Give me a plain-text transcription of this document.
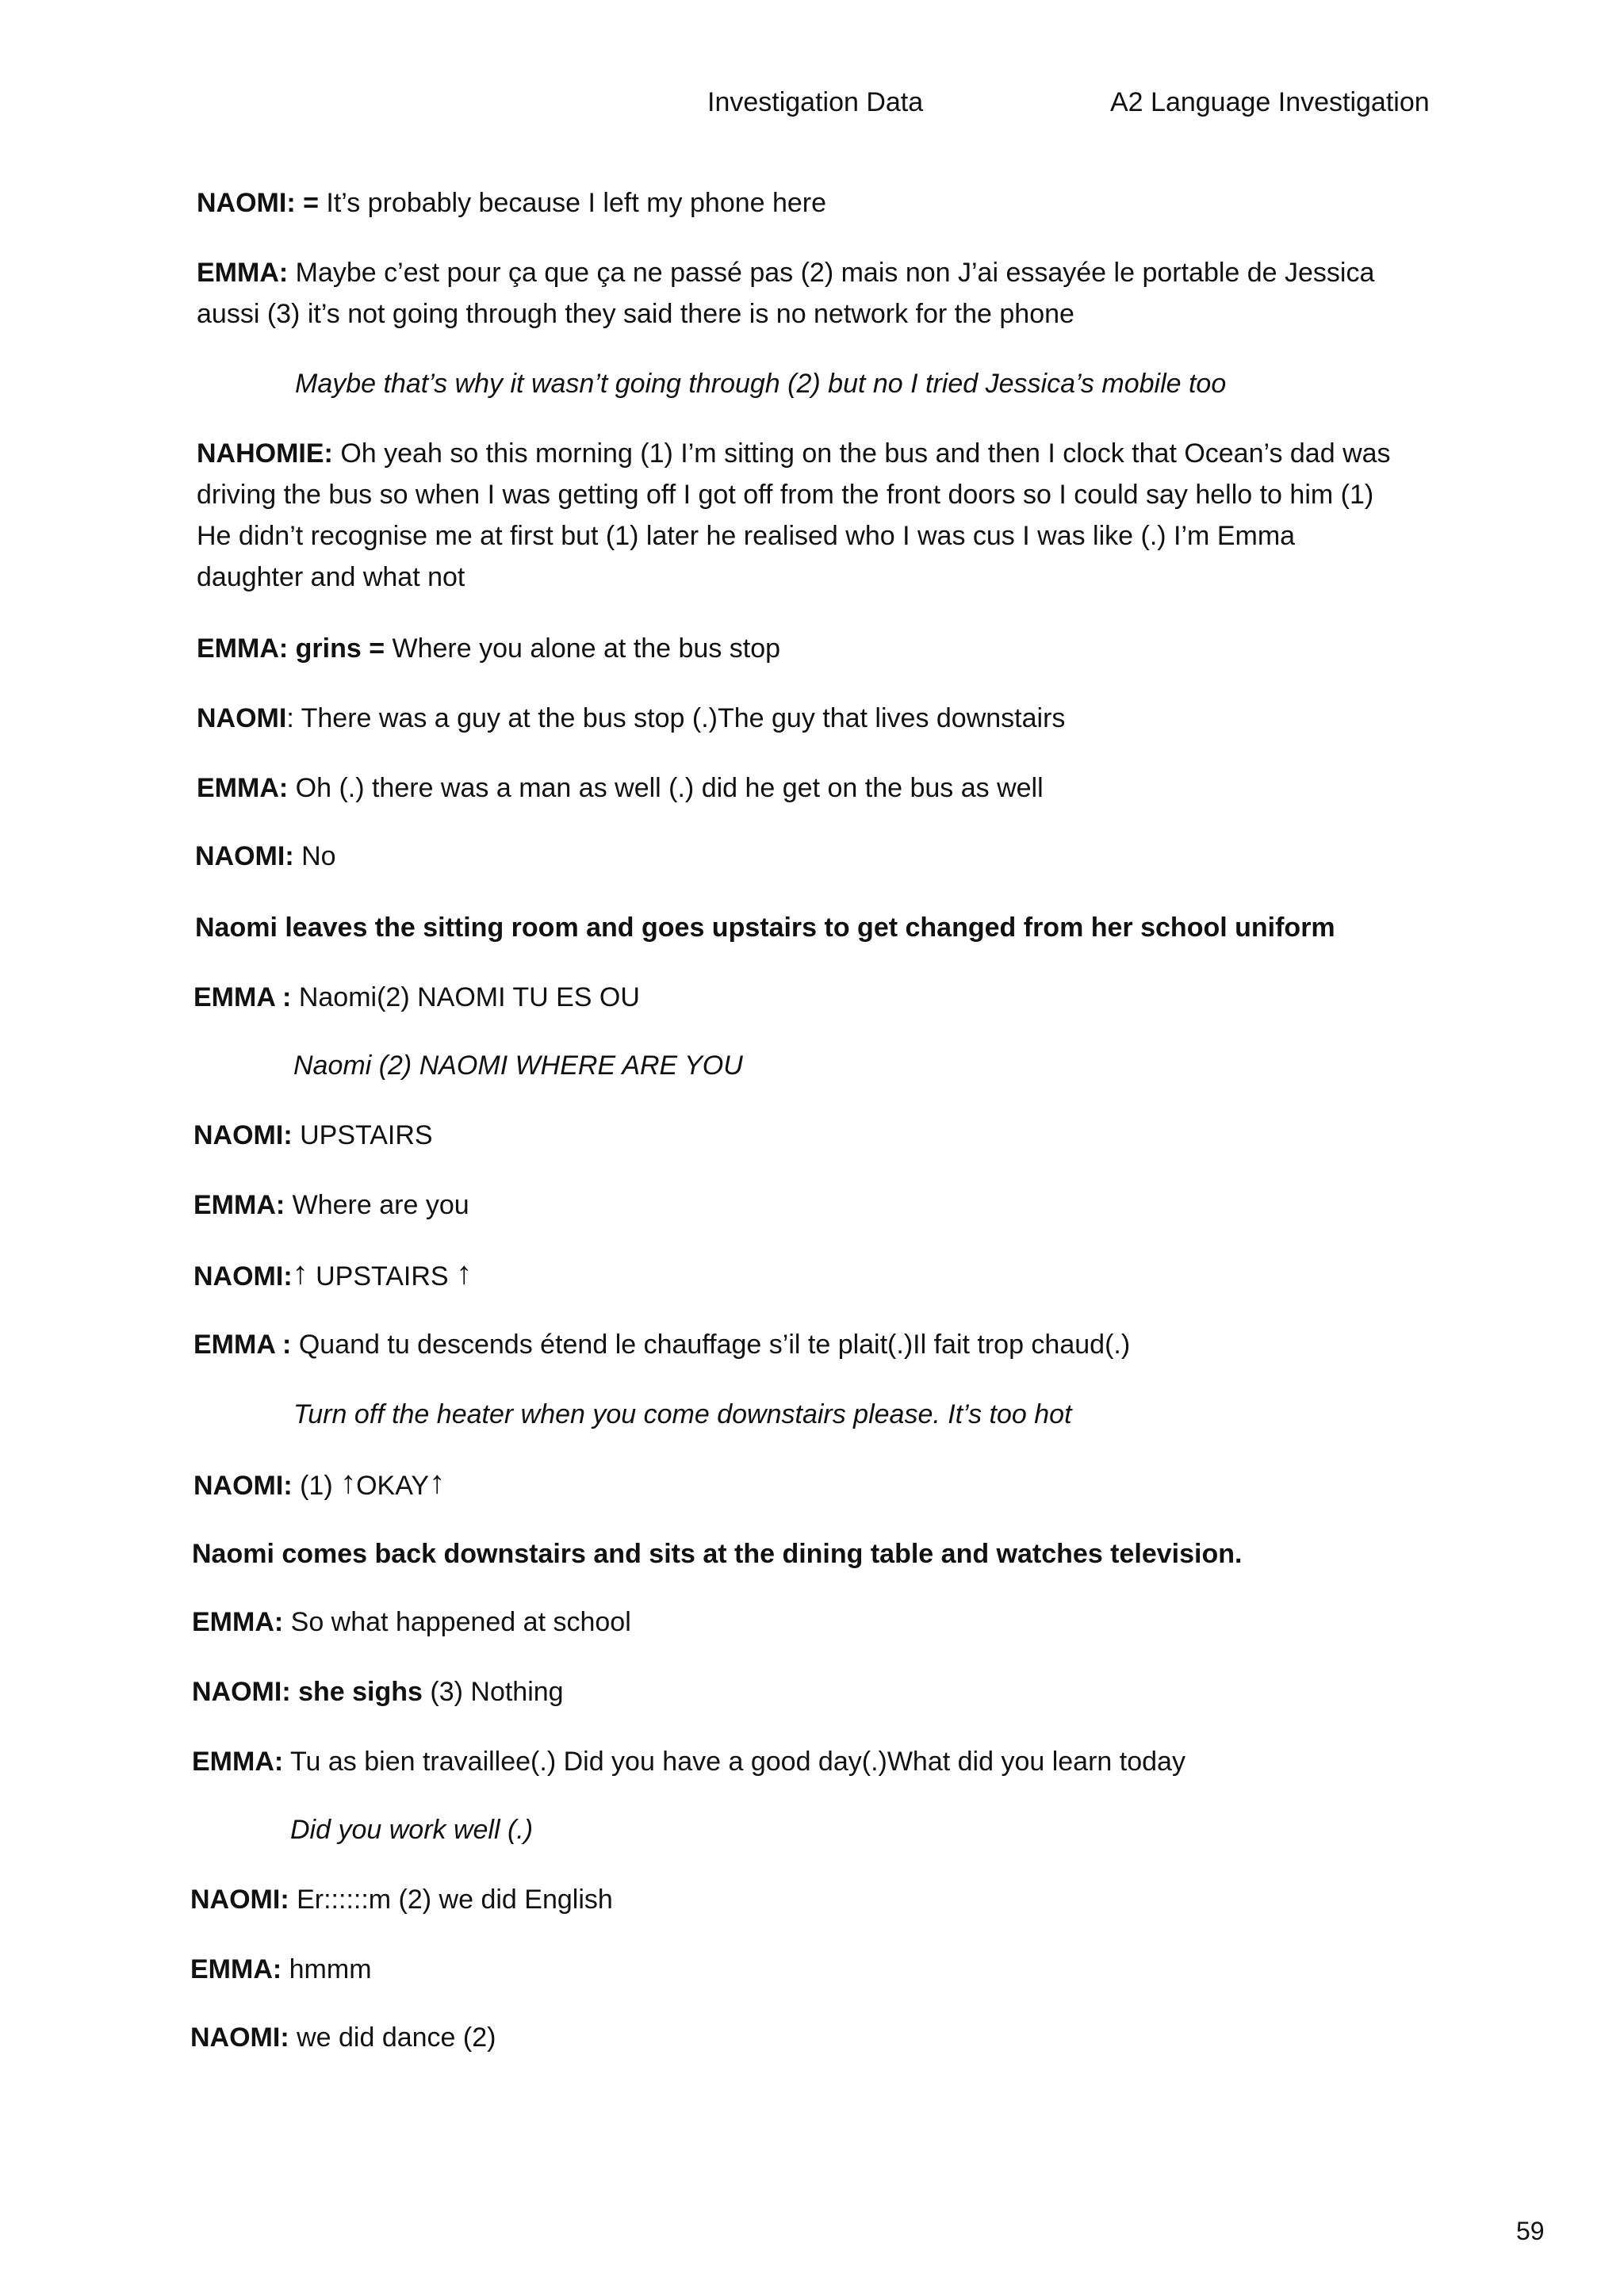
Investigation Data	A2 Language Investigation
NAOMI: = It’s probably because I left my phone here
EMMA: Maybe c’est pour ça que ça ne passé pas (2) mais non J’ai essayée le portable de Jessica
aussi (3) it’s not going through they said there is no network for the phone
Maybe that’s why it wasn’t going through (2) but no I tried Jessica’s mobile too
NAHOMIE: Oh yeah so this morning (1) I’m sitting on the bus and then I clock that Ocean’s dad was
driving the bus so when I was getting off I got off from the front doors so I could say hello to him (1)
He didn’t recognise me at first but (1) later he realised who I was cus I was like (.) I’m Emma
daughter and what not
EMMA: grins = Where you alone at the bus stop
NAOMI: There was a guy at the bus stop (.)The guy that lives downstairs
EMMA: Oh (.) there was a man as well (.) did he get on the bus as well
NAOMI: No
Naomi leaves the sitting room and goes upstairs to get changed from her school uniform
EMMA : Naomi(2) NAOMI TU ES OU
Naomi (2) NAOMI WHERE ARE YOU
NAOMI: UPSTAIRS
EMMA: Where are you
NAOMI:↑ UPSTAIRS ↑
EMMA : Quand tu descends étend le chauffage s’il te plait(.)Il fait trop chaud(.)
Turn off the heater when you come downstairs please. It’s too hot
NAOMI: (1) ↑OKAY↑
Naomi comes back downstairs and sits at the dining table and watches television.
EMMA: So what happened at school
NAOMI: she sighs (3) Nothing
EMMA: Tu as bien travaillee(.) Did you have a good day(.)What did you learn today
Did you work well (.)
NAOMI: Er::::::m (2) we did English
EMMA: hmmm
NAOMI: we did dance (2)
59
